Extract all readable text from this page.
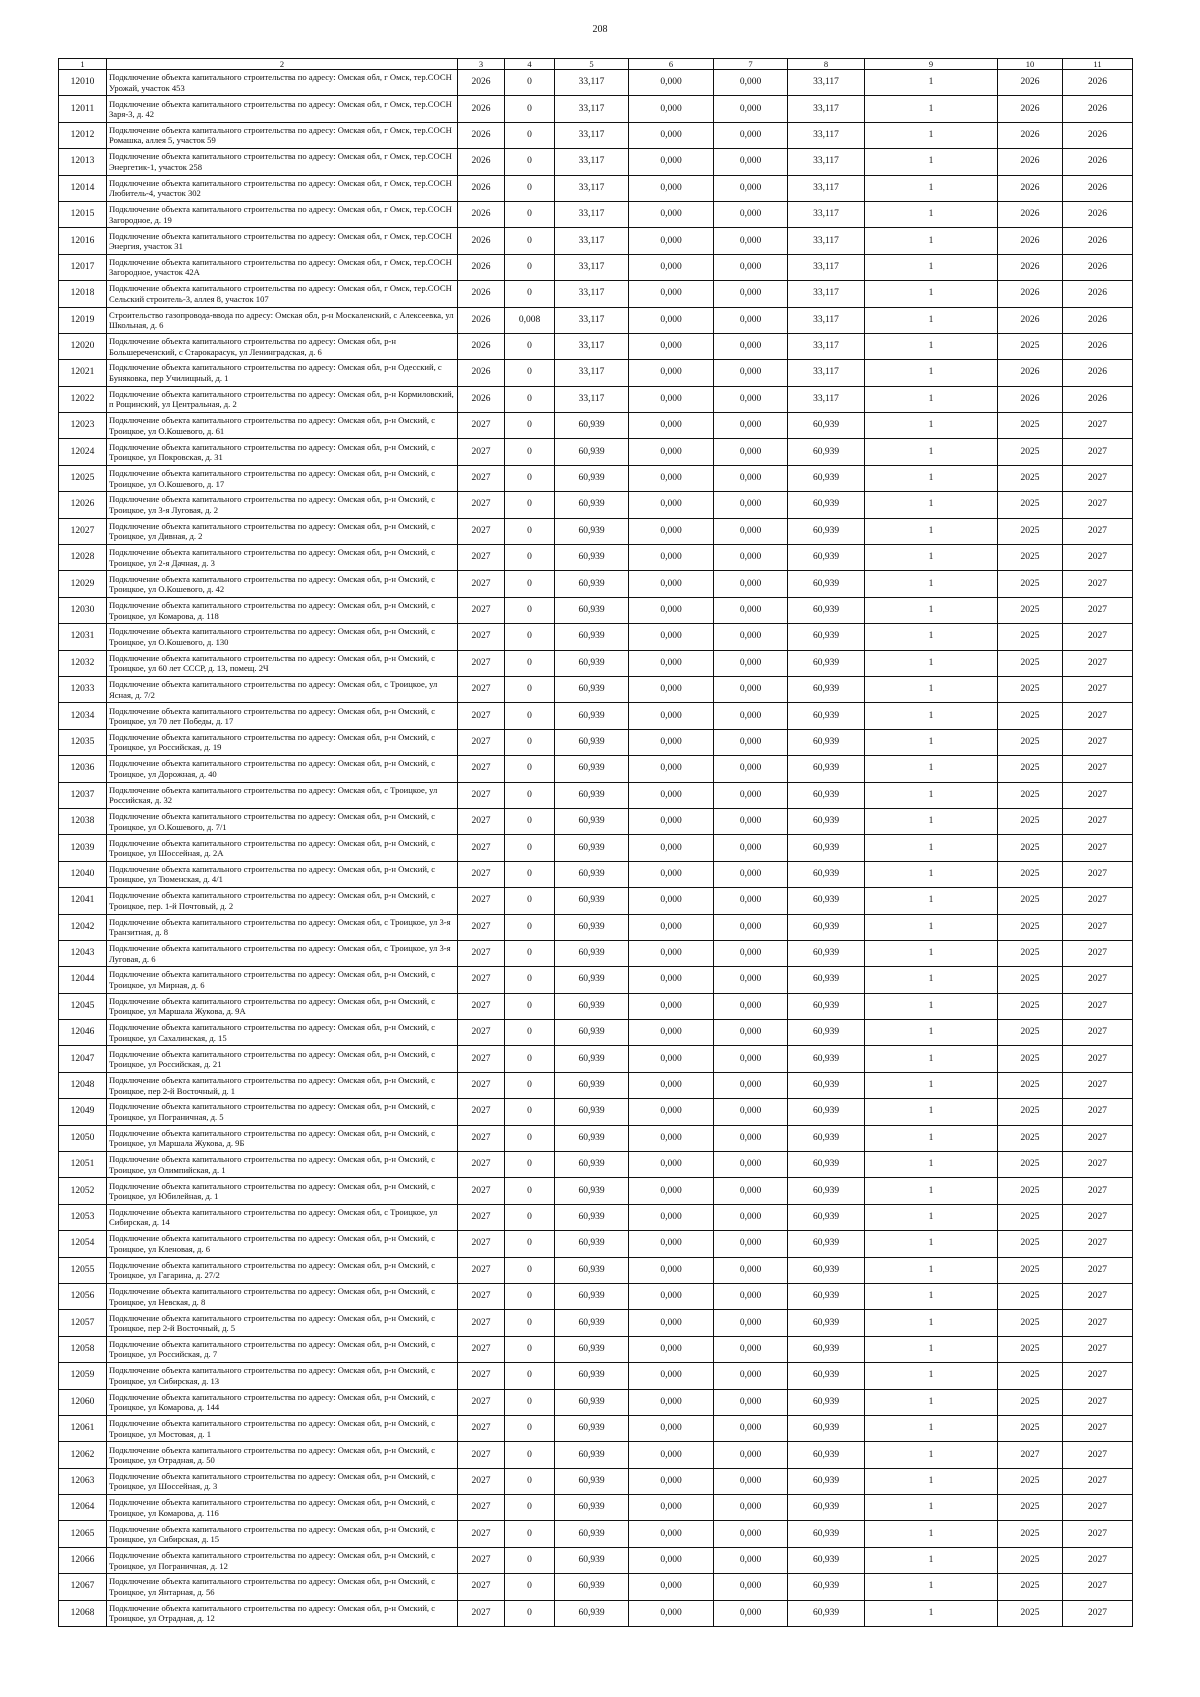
208
1	2	3	4	5	6	7	8	9	10	11
12010	Подключение объекта капитального строительства по адресу: Омская обл, г Омск, тер.СОСН Урожай, участок 453	2026	0	33,117	0,000	0,000	33,117	1	2026	2026
12011	Подключение объекта капитального строительства по адресу: Омская обл, г Омск, тер.СОСН Заря-3, д. 42	2026	0	33,117	0,000	0,000	33,117	1	2026	2026
12012	Подключение объекта капитального строительства по адресу: Омская обл, г Омск, тер.СОСН Ромашка, аллея 5, участок 59	2026	0	33,117	0,000	0,000	33,117	1	2026	2026
12013	Подключение объекта капитального строительства по адресу: Омская обл, г Омск, тер.СОСН Энергетик-1, участок 258	2026	0	33,117	0,000	0,000	33,117	1	2026	2026
12014	Подключение объекта капитального строительства по адресу: Омская обл, г Омск, тер.СОСН Любитель-4, участок 302	2026	0	33,117	0,000	0,000	33,117	1	2026	2026
12015	Подключение объекта капитального строительства по адресу: Омская обл, г Омск, тер.СОСН Загородное, д. 19	2026	0	33,117	0,000	0,000	33,117	1	2026	2026
12016	Подключение объекта капитального строительства по адресу: Омская обл, г Омск, тер.СОСН Энергия, участок 31	2026	0	33,117	0,000	0,000	33,117	1	2026	2026
12017	Подключение объекта капитального строительства по адресу: Омская обл, г Омск, тер.СОСН Загородное, участок 42А	2026	0	33,117	0,000	0,000	33,117	1	2026	2026
12018	Подключение объекта капитального строительства по адресу: Омская обл, г Омск, тер.СОСН Сельский строитель-3, аллея 8, участок 107	2026	0	33,117	0,000	0,000	33,117	1	2026	2026
12019	Строительство газопровода-ввода по адресу: Омская обл, р-н Москаленский, с Алексеевка, ул Школьная, д. 6	2026	0,008	33,117	0,000	0,000	33,117	1	2026	2026
12020	Подключение объекта капитального строительства по адресу: Омская обл, р-н Большереченский, с Старокарасук, ул Ленинградская, д. 6	2026	0	33,117	0,000	0,000	33,117	1	2025	2026
12021	Подключение объекта капитального строительства по адресу: Омская обл, р-н Одесский, с Буняковка, пер Училищный, д. 1	2026	0	33,117	0,000	0,000	33,117	1	2026	2026
12022	Подключение объекта капитального строительства по адресу: Омская обл, р-н Кормиловский, п Рощинский, ул Центральная, д. 2	2026	0	33,117	0,000	0,000	33,117	1	2026	2026
12023	Подключение объекта капитального строительства по адресу: Омская обл, р-н Омский, с Троицкое, ул О.Кошевого, д. 61	2027	0	60,939	0,000	0,000	60,939	1	2025	2027
12024	Подключение объекта капитального строительства по адресу: Омская обл, р-н Омский, с Троицкое, ул Покровская, д. 31	2027	0	60,939	0,000	0,000	60,939	1	2025	2027
12025	Подключение объекта капитального строительства по адресу: Омская обл, р-н Омский, с Троицкое, ул О.Кошевого, д. 17	2027	0	60,939	0,000	0,000	60,939	1	2025	2027
12026	Подключение объекта капитального строительства по адресу: Омская обл, р-н Омский, с Троицкое, ул 3-я Луговая, д. 2	2027	0	60,939	0,000	0,000	60,939	1	2025	2027
12027	Подключение объекта капитального строительства по адресу: Омская обл, р-н Омский, с Троицкое, ул Дивная, д. 2	2027	0	60,939	0,000	0,000	60,939	1	2025	2027
12028	Подключение объекта капитального строительства по адресу: Омская обл, р-н Омский, с Троицкое, ул 2-я Дачная, д. 3	2027	0	60,939	0,000	0,000	60,939	1	2025	2027
12029	Подключение объекта капитального строительства по адресу: Омская обл, р-н Омский, с Троицкое, ул О.Кошевого, д. 42	2027	0	60,939	0,000	0,000	60,939	1	2025	2027
12030	Подключение объекта капитального строительства по адресу: Омская обл, р-н Омский, с Троицкое, ул Комарова, д. 118	2027	0	60,939	0,000	0,000	60,939	1	2025	2027
12031	Подключение объекта капитального строительства по адресу: Омская обл, р-н Омский, с Троицкое, ул О.Кошевого, д. 130	2027	0	60,939	0,000	0,000	60,939	1	2025	2027
12032	Подключение объекта капитального строительства по адресу: Омская обл, р-н Омский, с Троицкое, ул 60 лет СССР, д. 13, помещ. 2Ч	2027	0	60,939	0,000	0,000	60,939	1	2025	2027
12033	Подключение объекта капитального строительства по адресу: Омская обл, с Троицкое, ул Ясная, д. 7/2	2027	0	60,939	0,000	0,000	60,939	1	2025	2027
12034	Подключение объекта капитального строительства по адресу: Омская обл, р-н Омский, с Троицкое, ул 70 лет Победы, д. 17	2027	0	60,939	0,000	0,000	60,939	1	2025	2027
12035	Подключение объекта капитального строительства по адресу: Омская обл, р-н Омский, с Троицкое, ул Российская, д. 19	2027	0	60,939	0,000	0,000	60,939	1	2025	2027
12036	Подключение объекта капитального строительства по адресу: Омская обл, р-н Омский, с Троицкое, ул Дорожная, д. 40	2027	0	60,939	0,000	0,000	60,939	1	2025	2027
12037	Подключение объекта капитального строительства по адресу: Омская обл, с Троицкое, ул Российская, д. 32	2027	0	60,939	0,000	0,000	60,939	1	2025	2027
12038	Подключение объекта капитального строительства по адресу: Омская обл, р-н Омский, с Троицкое, ул О.Кошевого, д. 7/1	2027	0	60,939	0,000	0,000	60,939	1	2025	2027
12039	Подключение объекта капитального строительства по адресу: Омская обл, р-н Омский, с Троицкое, ул Шоссейная, д. 2А	2027	0	60,939	0,000	0,000	60,939	1	2025	2027
12040	Подключение объекта капитального строительства по адресу: Омская обл, р-н Омский, с Троицкое, ул Тюменская, д. 4/1	2027	0	60,939	0,000	0,000	60,939	1	2025	2027
12041	Подключение объекта капитального строительства по адресу: Омская обл, р-н Омский, с Троицкое, пер. 1-й Почтовый, д. 2	2027	0	60,939	0,000	0,000	60,939	1	2025	2027
12042	Подключение объекта капитального строительства по адресу: Омская обл, с Троицкое, ул 3-я Транзитная, д. 8	2027	0	60,939	0,000	0,000	60,939	1	2025	2027
12043	Подключение объекта капитального строительства по адресу: Омская обл, с Троицкое, ул 3-я Луговая, д. 6	2027	0	60,939	0,000	0,000	60,939	1	2025	2027
12044	Подключение объекта капитального строительства по адресу: Омская обл, р-н Омский, с Троицкое, ул Мирная, д. 6	2027	0	60,939	0,000	0,000	60,939	1	2025	2027
12045	Подключение объекта капитального строительства по адресу: Омская обл, р-н Омский, с Троицкое, ул Маршала Жукова, д. 9А	2027	0	60,939	0,000	0,000	60,939	1	2025	2027
12046	Подключение объекта капитального строительства по адресу: Омская обл, р-н Омский, с Троицкое, ул Сахалинская, д. 15	2027	0	60,939	0,000	0,000	60,939	1	2025	2027
12047	Подключение объекта капитального строительства по адресу: Омская обл, р-н Омский, с Троицкое, ул Российская, д. 21	2027	0	60,939	0,000	0,000	60,939	1	2025	2027
12048	Подключение объекта капитального строительства по адресу: Омская обл, р-н Омский, с Троицкое, пер 2-й Восточный, д. 1	2027	0	60,939	0,000	0,000	60,939	1	2025	2027
12049	Подключение объекта капитального строительства по адресу: Омская обл, р-н Омский, с Троицкое, ул Пограничная, д. 5	2027	0	60,939	0,000	0,000	60,939	1	2025	2027
12050	Подключение объекта капитального строительства по адресу: Омская обл, р-н Омский, с Троицкое, ул Маршала Жукова, д. 9Б	2027	0	60,939	0,000	0,000	60,939	1	2025	2027
12051	Подключение объекта капитального строительства по адресу: Омская обл, р-н Омский, с Троицкое, ул Олимпийская, д. 1	2027	0	60,939	0,000	0,000	60,939	1	2025	2027
12052	Подключение объекта капитального строительства по адресу: Омская обл, р-н Омский, с Троицкое, ул Юбилейная, д. 1	2027	0	60,939	0,000	0,000	60,939	1	2025	2027
12053	Подключение объекта капитального строительства по адресу: Омская обл, с Троицкое, ул Сибирская, д. 14	2027	0	60,939	0,000	0,000	60,939	1	2025	2027
12054	Подключение объекта капитального строительства по адресу: Омская обл, р-н Омский, с Троицкое, ул Кленовая, д. 6	2027	0	60,939	0,000	0,000	60,939	1	2025	2027
12055	Подключение объекта капитального строительства по адресу: Омская обл, р-н Омский, с Троицкое, ул Гагарина, д. 27/2	2027	0	60,939	0,000	0,000	60,939	1	2025	2027
12056	Подключение объекта капитального строительства по адресу: Омская обл, р-н Омский, с Троицкое, ул Невская, д. 8	2027	0	60,939	0,000	0,000	60,939	1	2025	2027
12057	Подключение объекта капитального строительства по адресу: Омская обл, р-н Омский, с Троицкое, пер 2-й Восточный, д. 5	2027	0	60,939	0,000	0,000	60,939	1	2025	2027
12058	Подключение объекта капитального строительства по адресу: Омская обл, р-н Омский, с Троицкое, ул Российская, д. 7	2027	0	60,939	0,000	0,000	60,939	1	2025	2027
12059	Подключение объекта капитального строительства по адресу: Омская обл, р-н Омский, с Троицкое, ул Сибирская, д. 13	2027	0	60,939	0,000	0,000	60,939	1	2025	2027
12060	Подключение объекта капитального строительства по адресу: Омская обл, р-н Омский, с Троицкое, ул Комарова, д. 144	2027	0	60,939	0,000	0,000	60,939	1	2025	2027
12061	Подключение объекта капитального строительства по адресу: Омская обл, р-н Омский, с Троицкое, ул Мостовая, д. 1	2027	0	60,939	0,000	0,000	60,939	1	2025	2027
12062	Подключение объекта капитального строительства по адресу: Омская обл, р-н Омский, с Троицкое, ул Отрадная, д. 50	2027	0	60,939	0,000	0,000	60,939	1	2027	2027
12063	Подключение объекта капитального строительства по адресу: Омская обл, р-н Омский, с Троицкое, ул Шоссейная, д. 3	2027	0	60,939	0,000	0,000	60,939	1	2025	2027
12064	Подключение объекта капитального строительства по адресу: Омская обл, р-н Омский, с Троицкое, ул Комарова, д. 116	2027	0	60,939	0,000	0,000	60,939	1	2025	2027
12065	Подключение объекта капитального строительства по адресу: Омская обл, р-н Омский, с Троицкое, ул Сибирская, д. 15	2027	0	60,939	0,000	0,000	60,939	1	2025	2027
12066	Подключение объекта капитального строительства по адресу: Омская обл, р-н Омский, с Троицкое, ул Пограничная, д. 12	2027	0	60,939	0,000	0,000	60,939	1	2025	2027
12067	Подключение объекта капитального строительства по адресу: Омская обл, р-н Омский, с Троицкое, ул Янтарная, д. 56	2027	0	60,939	0,000	0,000	60,939	1	2025	2027
12068	Подключение объекта капитального строительства по адресу: Омская обл, р-н Омский, с Троицкое, ул Отрадная, д. 12	2027	0	60,939	0,000	0,000	60,939	1	2025	2027
